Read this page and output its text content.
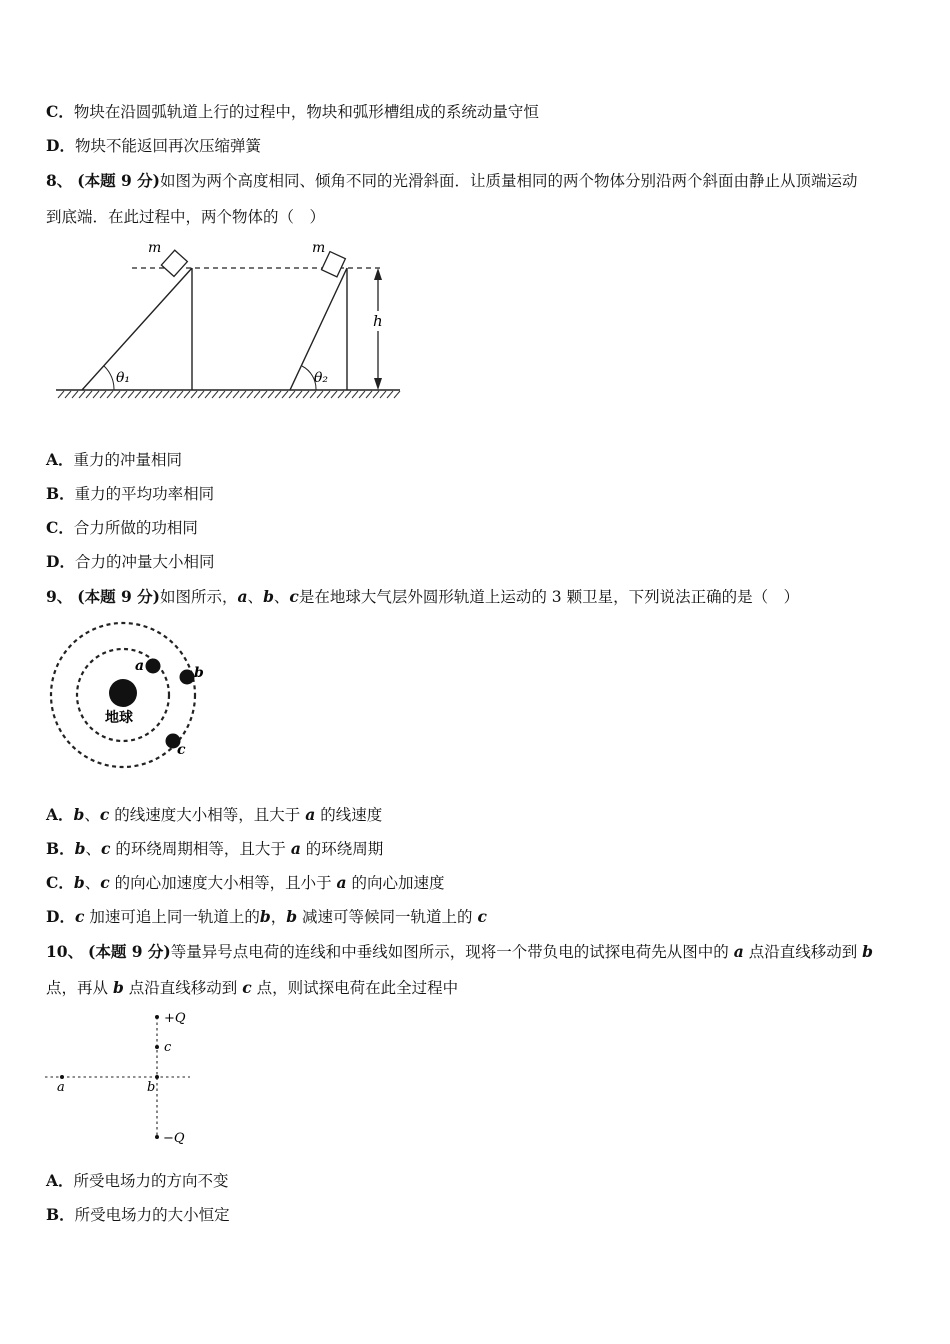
C．物块在沿圆弧轨道上行的过程中，物块和弧形槽组成的系统动量守恒
D．物块不能返回再次压缩弹簧
8、 (本题 9 分)如图为两个高度相同、倾角不同的光滑斜面．让质量相同的两个物体分别沿两个斜面由静止从顶端运动
到底端．在此过程中，两个物体的（　）
θ₁
m
θ₂
m
h
A．重力的冲量相同
B．重力的平均功率相同
C．合力所做的功相同
D．合力的冲量大小相同
9、 (本题 9 分)如图所示，a、b、c是在地球大气层外圆形轨道上运动的 3 颗卫星，下列说法正确的是（　）
地球
a	b
c
A．b、c 的线速度大小相等，且大于 a 的线速度
B．b、c 的环绕周期相等，且大于 a 的环绕周期
C．b、c 的向心加速度大小相等，且小于 a 的向心加速度
D．c 加速可追上同一轨道上的b，b 减速可等候同一轨道上的 c
10、 (本题 9 分)等量异号点电荷的连线和中垂线如图所示，现将一个带负电的试探电荷先从图中的 a 点沿直线移动到 b
点，再从 b 点沿直线移动到 c 点，则试探电荷在此全过程中
+Q
c
b
a
−Q
A．所受电场力的方向不变
B．所受电场力的大小恒定
